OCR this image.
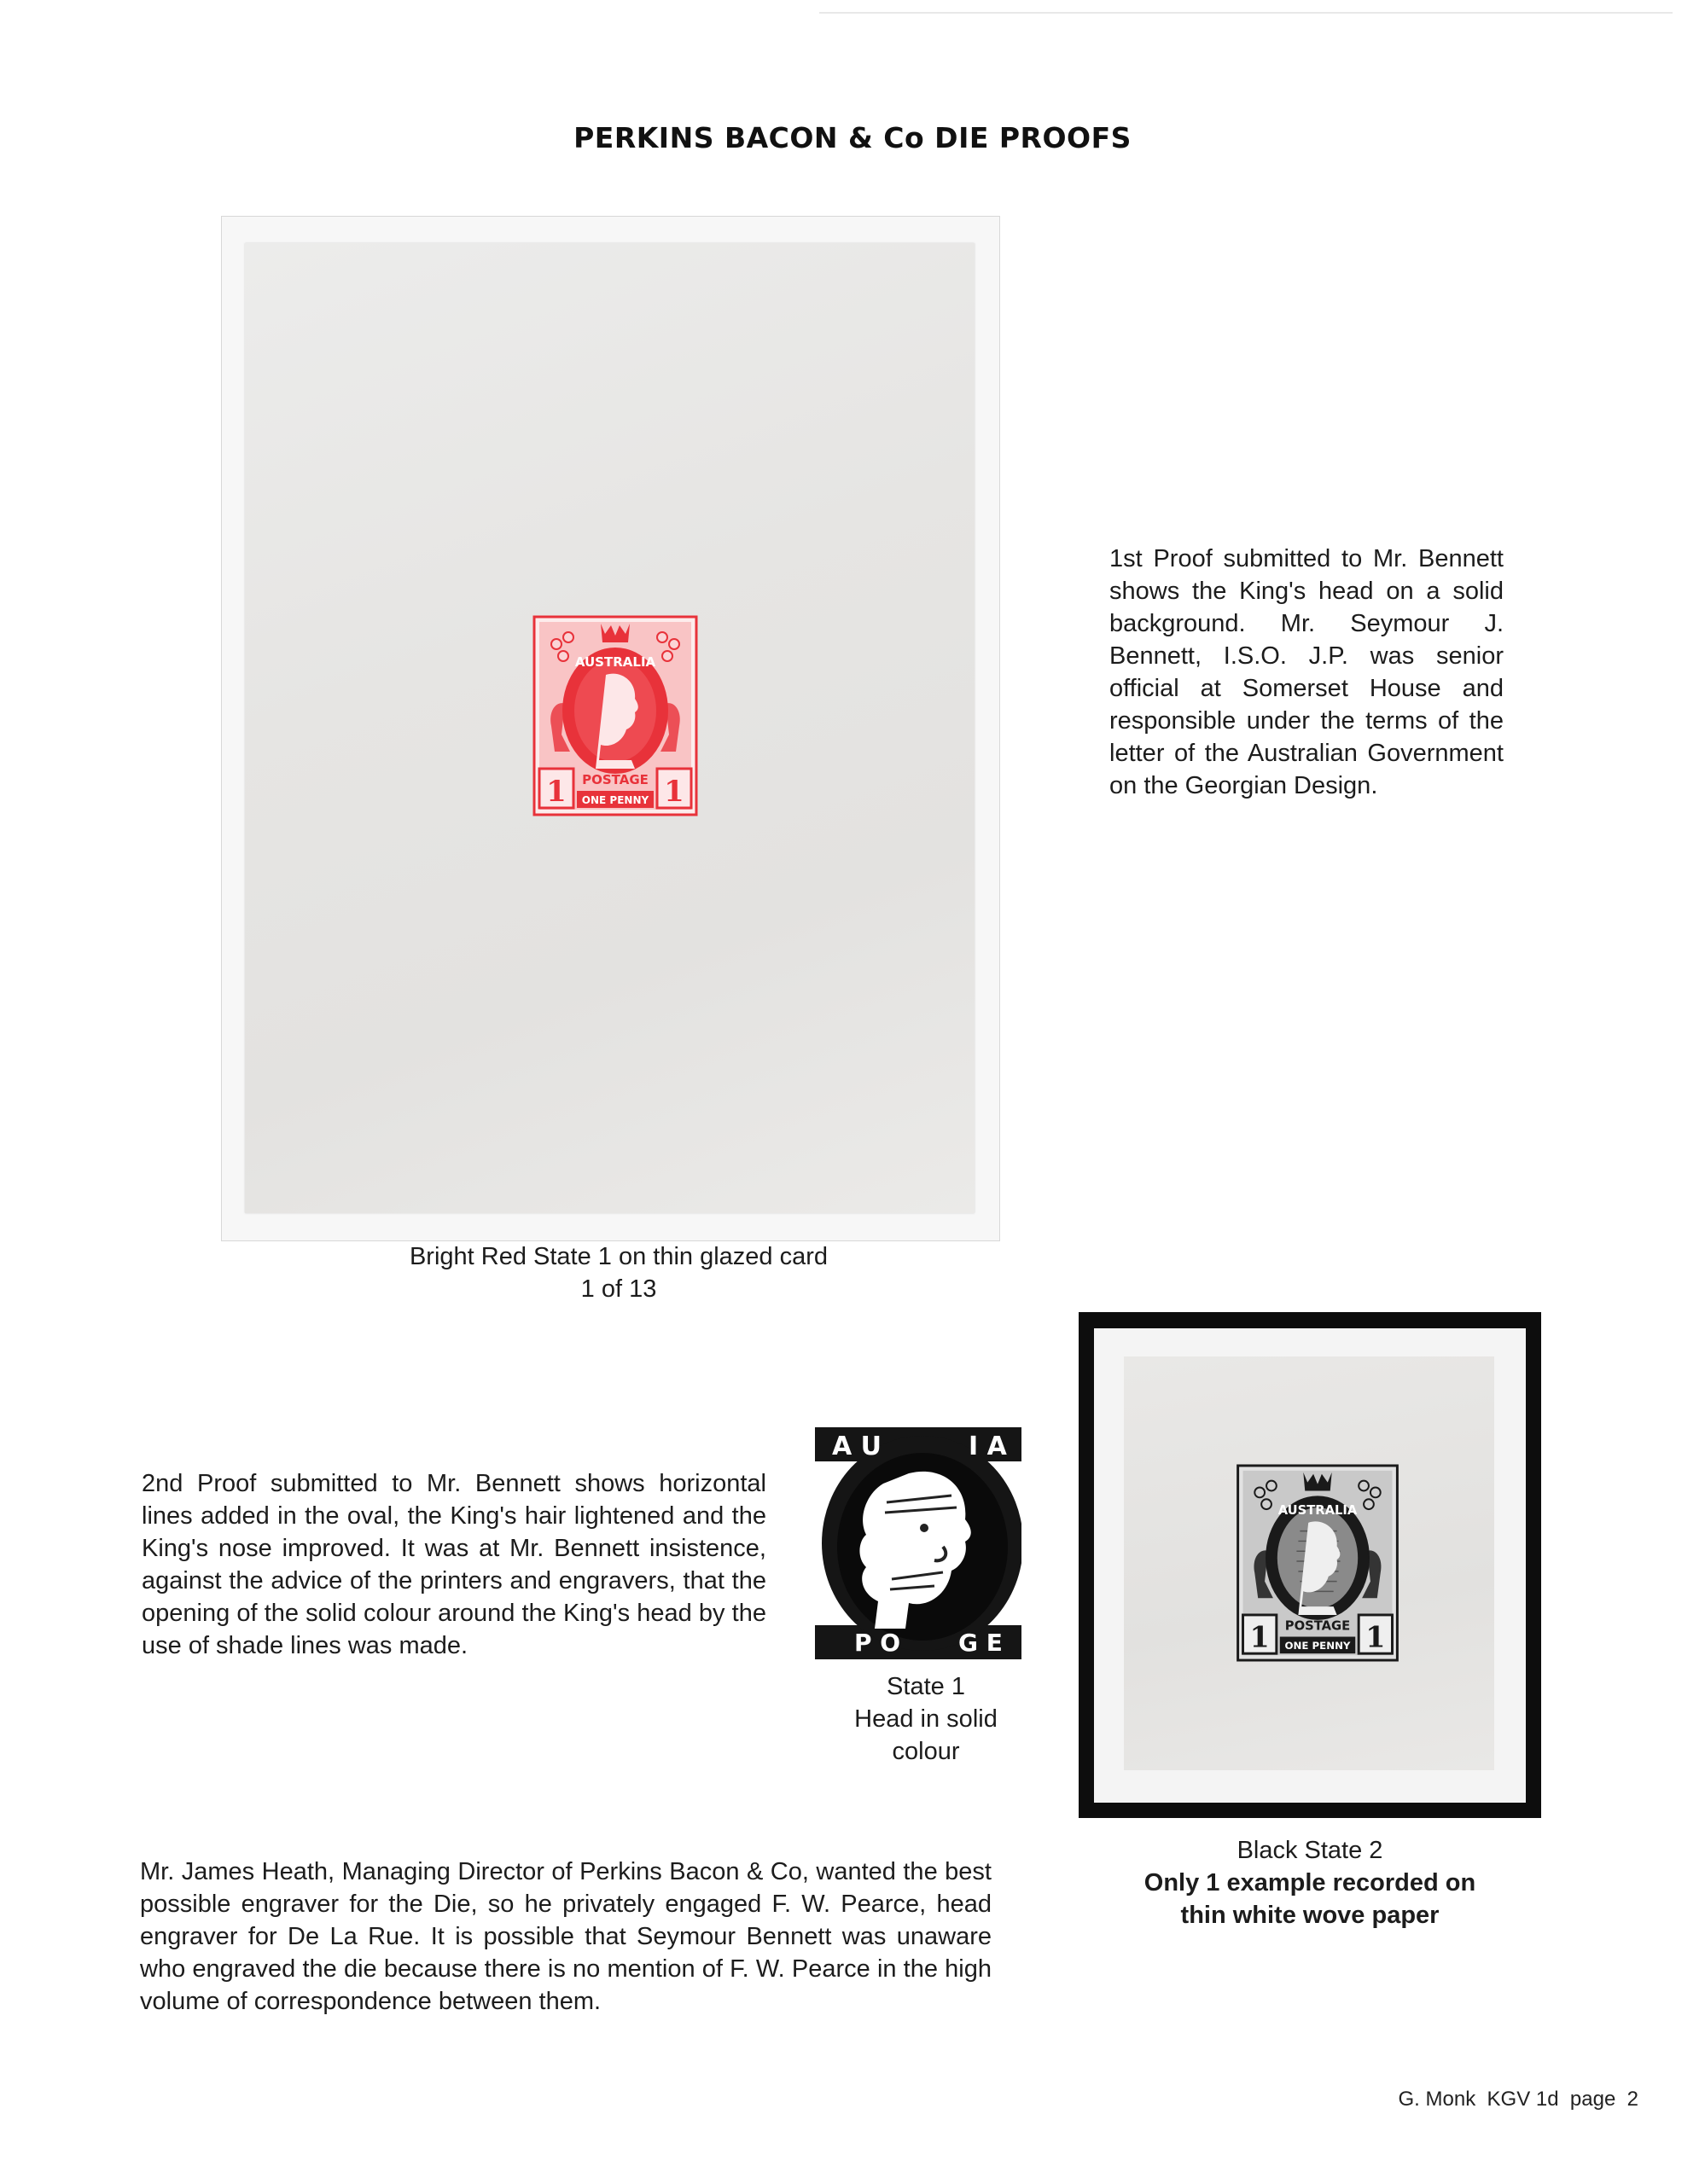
PERKINS BACON & Co DIE PROOFS
AUSTRALIA
POSTAGE
ONE PENNY
1	1
1st Proof submitted to Mr. Bennett shows the King's head on a solid background. Mr. Seymour J. Bennett, I.S.O. J.P. was senior official at Somerset House and responsible under the terms of the letter of the Australian Government on the Georgian Design.
Bright Red State 1 on thin glazed card
1 of 13
2nd Proof submitted to Mr. Bennett shows horizontal lines added in the oval, the King's hair lightened and the King's nose improved. It was at Mr. Bennett insistence, against the advice of the printers and engravers, that the opening of the solid colour around the King's head by the use of shade lines was made.
A U	I A
P O G E
State 1
Head in solid
colour
AUSTRALIA
POSTAGE
ONE PENNY
1	1
Black State 2
Only 1 example recorded on
thin white wove paper
Mr. James Heath, Managing Director of Perkins Bacon & Co, wanted the best possible engraver for the Die, so he privately engaged F. W. Pearce, head engraver for De La Rue. It is possible that Seymour Bennett was unaware who engraved the die because there is no mention of F. W. Pearce in the high volume of correspondence between them.
G. Monk  KGV 1d  page  2
